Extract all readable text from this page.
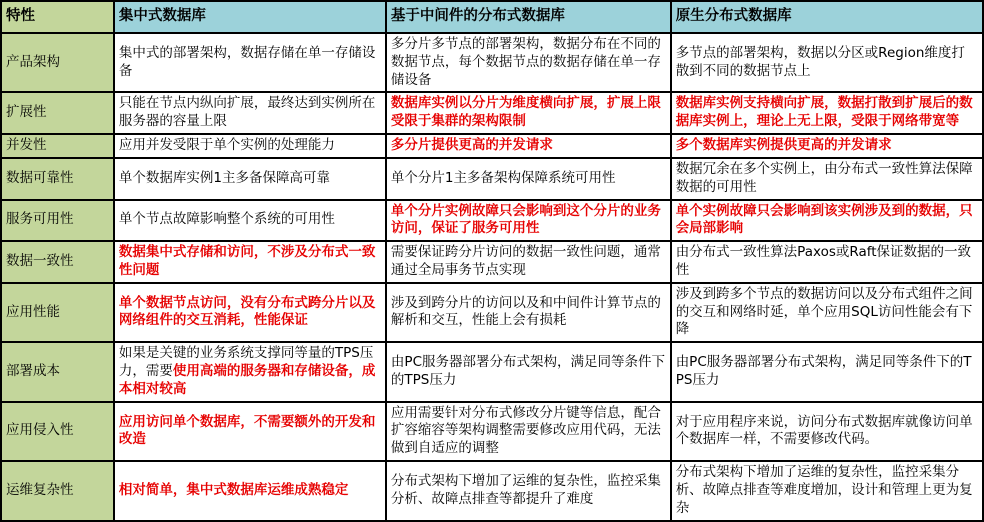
特性	集中式数据库	基于中间件的分布式数据库	原生分布式数据库
产品架构	集中式的部署架构，数据存储在单一存储设备	多分片多节点的部署架构，数据分布在不同的数据节点，每个数据节点的数据存储在单一存储设备	多节点的部署架构，数据以分区或Region维度打散到不同的数据节点上
扩展性	只能在节点内纵向扩展，最终达到实例所在服务器的容量上限	数据库实例以分片为维度横向扩展，扩展上限受限于集群的架构限制	数据库实例支持横向扩展，数据打散到扩展后的数据库实例上，理论上无上限，受限于网络带宽等
并发性	应用并发受限于单个实例的处理能力	多分片提供更高的并发请求	多个数据库实例提供更高的并发请求
数据可靠性	单个数据库实例1主多备保障高可靠	单个分片1主多备架构保障系统可用性	数据冗余在多个实例上，由分布式一致性算法保障数据的可用性
服务可用性	单个节点故障影响整个系统的可用性	单个分片实例故障只会影响到这个分片的业务访问，保证了服务可用性	单个实例故障只会影响到该实例涉及到的数据，只会局部影响
数据一致性	数据集中式存储和访问，不涉及分布式一致性问题	需要保证跨分片访问的数据一致性问题，通常通过全局事务节点实现	由分布式一致性算法Paxos或Raft保证数据的一致性
应用性能	单个数据节点访问，没有分布式跨分片以及网络组件的交互消耗，性能保证	涉及到跨分片的访问以及和中间件计算节点的解析和交互，性能上会有损耗	涉及到跨多个节点的数据访问以及分布式组件之间的交互和网络时延，单个应用SQL访问性能会有下降
部署成本	如果是关键的业务系统支撑同等量的TPS压力，需要使用高端的服务器和存储设备，成本相对较高	由PC服务器部署分布式架构，满足同等条件下的TPS压力	由PC服务器部署分布式架构，满足同等条件下的TPS压力
应用侵入性	应用访问单个数据库，不需要额外的开发和改造	应用需要针对分布式修改分片键等信息，配合扩容缩容等架构调整需要修改应用代码，无法做到自适应的调整	对于应用程序来说，访问分布式数据库就像访问单个数据库一样，不需要修改代码。
运维复杂性	相对简单，集中式数据库运维成熟稳定	分布式架构下增加了运维的复杂性，监控采集分析、故障点排查等都提升了难度	分布式架构下增加了运维的复杂性，监控采集分析、故障点排查等难度增加，设计和管理上更为复杂
